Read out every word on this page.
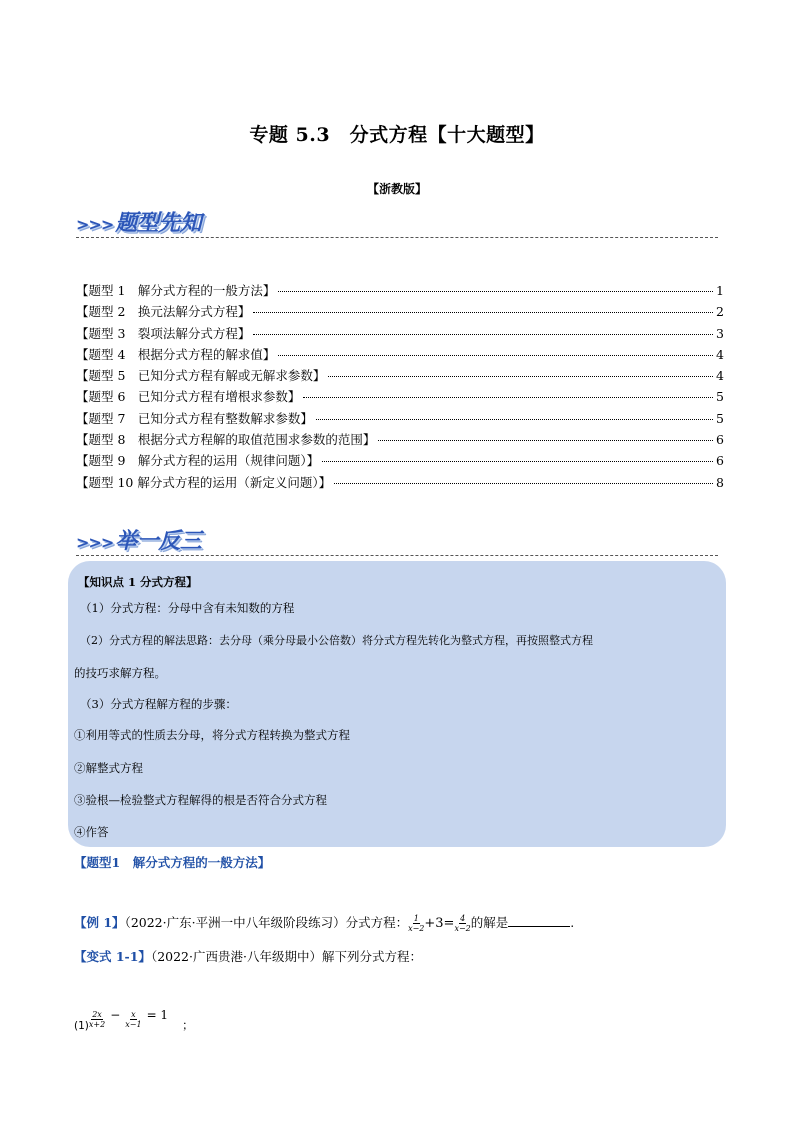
专题 5.3　分式方程【十大题型】
【浙教版】
>>>题型先知
【题型 1　解分式方程的一般方法】	1
【题型 2　换元法解分式方程】	2
【题型 3　裂项法解分式方程】	3
【题型 4　根据分式方程的解求值】	4
【题型 5　已知分式方程有解或无解求参数】	4
【题型 6　已知分式方程有增根求参数】	5
【题型 7　已知分式方程有整数解求参数】	5
【题型 8　根据分式方程解的取值范围求参数的范围】	6
【题型 9　解分式方程的运用（规律问题）】	6
【题型 10 解分式方程的运用（新定义问题）】	8
>>>举一反三
【知识点 1 分式方程】
（1）分式方程：分母中含有未知数的方程
（2）分式方程的解法思路：去分母（乘分母最小公倍数）将分式方程先转化为整式方程，再按照整式方程
的技巧求解方程。
（3）分式方程解方程的步骤：
①利用等式的性质去分母，将分式方程转换为整式方程
②解整式方程
③验根—检验整式方程解得的根是否符合分式方程
④作答
【题型1　解分式方程的一般方法】
【例 1】（2022·广东·平洲一中八年级阶段练习）分式方程： $\frac{1}{x-2} +3= \frac{4}{x-2}$ 的解是	.
【变式 1-1】（2022·广西贵港·八年级期中）解下列分式方程：
$(1) \frac{2x}{x+2} - \frac{x}{x-1} = 1$；
